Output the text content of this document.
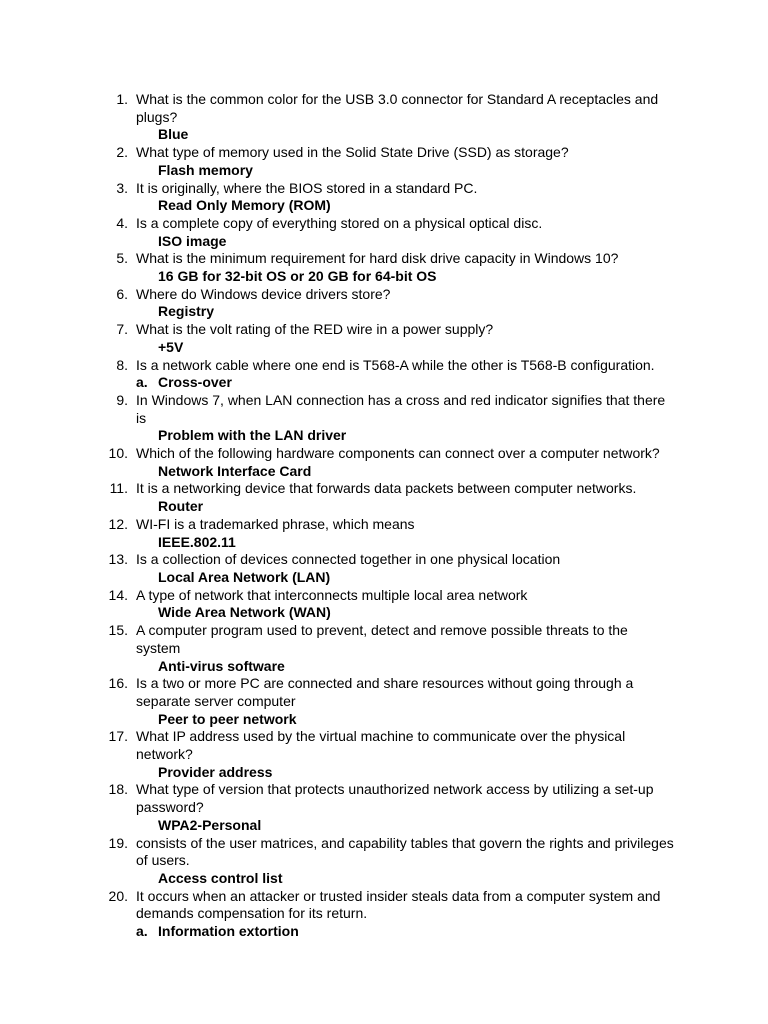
1. What is the common color for the USB 3.0 connector for Standard A receptacles and plugs?
Blue
2. What type of memory used in the Solid State Drive (SSD) as storage?
Flash memory
3. It is originally, where the BIOS stored in a standard PC.
Read Only Memory (ROM)
4. Is a complete copy of everything stored on a physical optical disc.
ISO image
5. What is the minimum requirement for hard disk drive capacity in Windows 10?
16 GB for 32-bit OS or 20 GB for 64-bit OS
6. Where do Windows device drivers store?
Registry
7. What is the volt rating of the RED wire in a power supply?
+5V
8. Is a network cable where one end is T568-A while the other is T568-B configuration.
a. Cross-over
9. In Windows 7, when LAN connection has a cross and red indicator signifies that there is
Problem with the LAN driver
10. Which of the following hardware components can connect over a computer network?
Network Interface Card
11. It is a networking device that forwards data packets between computer networks.
Router
12. WI-FI is a trademarked phrase, which means
IEEE.802.11
13. Is a collection of devices connected together in one physical location
Local Area Network (LAN)
14. A type of network that interconnects multiple local area network
Wide Area Network (WAN)
15. A computer program used to prevent, detect and remove possible threats to the system
Anti-virus software
16. Is a two or more PC are connected and share resources without going through a separate server computer
Peer to peer network
17. What IP address used by the virtual machine to communicate over the physical network?
Provider address
18. What type of version that protects unauthorized network access by utilizing a set-up password?
WPA2-Personal
19. consists of the user matrices, and capability tables that govern the rights and privileges of users.
Access control list
20. It occurs when an attacker or trusted insider steals data from a computer system and demands compensation for its return.
a. Information extortion
